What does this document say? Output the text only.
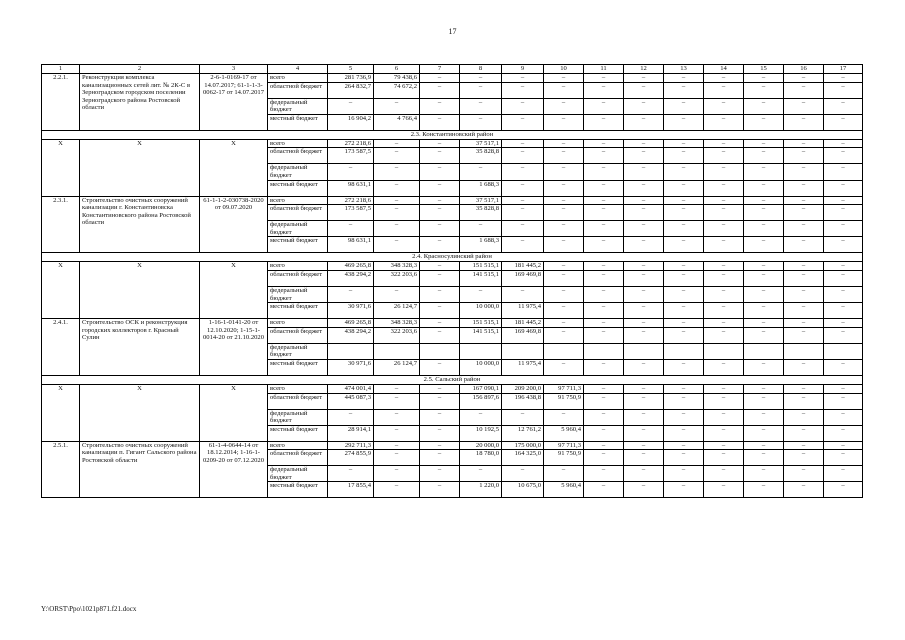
17
1	2	3	4	5	6	7	8	9	10	11	12	13	14	15	16	17
2.2.1.	Реконструкция комплекса канализационных сетей лит. № 2К-С в Зерноградском городском поселении Зерноградского района Ростовской области	2-6-1-0169-17 от 14.07.2017; 61-1-1-3-0062-17 от 14.07.2017	всего	281 736,9	79 438,6	–	–	–	–	–	–	–	–	–	–	–
			областной бюджет	264 832,7	74 672,2	–	–	–	–	–	–	–	–	–	–	–
			федеральный бюджет	–	–	–	–	–	–	–	–	–	–	–	–	–
			местный бюджет	16 904,2	4 766,4	–	–	–	–	–	–	–	–	–	–	–
2.3. Константиновский район																
Х	Х	Х	всего	272 218,6	–	–	37 517,1	–	–	–	–	–	–	–	–	–
			областной бюджет	173 587,5	–	–	35 828,8	–	–	–	–	–	–	–	–	–
			федеральный бюджет	–	–	–	–	–	–	–	–	–	–	–	–	–
			местный бюджет	98 631,1	–	–	1 688,3	–	–	–	–	–	–	–	–	–
2.3.1.	Строительство очистных сооружений канализации г. Константиновска Константиновского района Ростовской области	61-1-1-2-030738-2020 от 09.07.2020	всего	272 218,6	–	–	37 517,1	–	–	–	–	–	–	–	–	–
			областной бюджет	173 587,5	–	–	35 828,8	–	–	–	–	–	–	–	–	–
			федеральный бюджет	–	–	–	–	–	–	–	–	–	–	–	–	–
			местный бюджет	98 631,1	–	–	1 688,3	–	–	–	–	–	–	–	–	–
2.4. Красносулинский район																
Х	Х	Х	всего	469 265,8	348 328,3	–	151 515,1	181 445,2	–	–	–	–	–	–	–	–
			областной бюджет	438 294,2	322 203,6	–	141 515,1	169 469,8	–	–	–	–	–	–	–	–
			федеральный бюджет	–	–	–	–	–	–	–	–	–	–	–	–	–
			местный бюджет	30 971,6	26 124,7	–	10 000,0	11 975,4	–	–	–	–	–	–	–	–
2.4.1.	Строительство ОСК и реконструкция городских коллекторов г. Красный Сулин	1-16-1-0141-20 от 12.10.2020; 1-15-1-0014-20 от 21.10.2020	всего	469 265,8	348 328,3	–	151 515,1	181 445,2	–	–	–	–	–	–	–	–
			областной бюджет	438 294,2	322 203,6	–	141 515,1	169 469,8	–	–	–	–	–	–	–	–
			федеральный бюджет													
			местный бюджет	30 971,6	26 124,7	–	10 000,0	11 975,4	–	–	–	–	–	–	–	–
2.5. Сальский район																
Х	Х	Х	всего	474 001,4	–	–	167 090,1	209 200,0	97 711,3	–	–	–	–	–	–	–
			областной бюджет	445 087,3	–	–	156 897,6	196 438,8	91 750,9	–	–	–	–	–	–	–
			федеральный бюджет	–	–	–	–	–	–	–	–	–	–	–	–	–
			местный бюджет	28 914,1	–	–	10 192,5	12 761,2	5 960,4	–	–	–	–	–	–	–
2.5.1.	Строительство очистных сооружений канализации п. Гигант Сальского района Ростовской области	61-1-4-0644-14 от 18.12.2014; 1-16-1-0209-20 от 07.12.2020	всего	292 711,3	–	–	20 000,0	175 000,0	97 711,3	–	–	–	–	–	–	–
			областной бюджет	274 855,9	–	–	18 780,0	164 325,0	91 750,9	–	–	–	–	–	–	–
			федеральный бюджет	–	–	–	–	–	–	–	–	–	–	–	–	–
			местный бюджет	17 855,4	–	–	1 220,0	10 675,0	5 960,4	–	–	–	–	–	–	–
Y:\ORST\Ppo\1021p871.f21.docx
